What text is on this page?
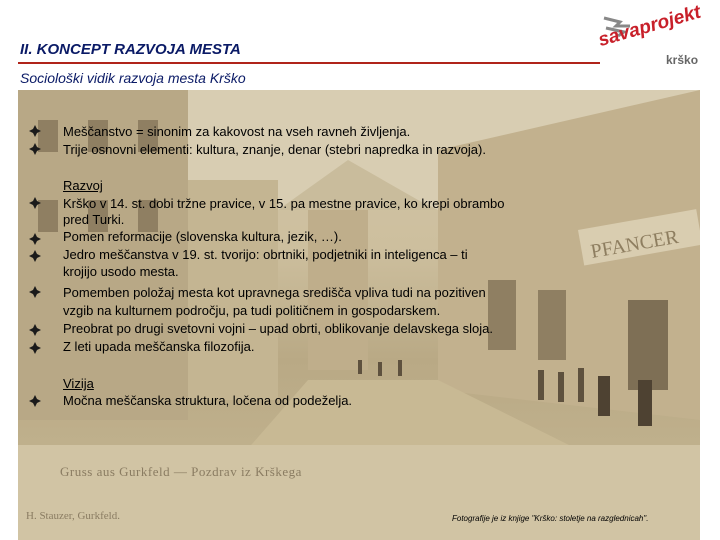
II. KONCEPT RAZVOJA MESTA
Sociološki vidik razvoja mesta Krško
savaprojekt
krško
PFANCER
Gruss aus Gurkfeld — Pozdrav iz Krškega
H. Stauzer, Gurkfeld.
Meščanstvo = sinonim za kakovost na vseh ravneh življenja.
Trije osnovni elementi: kultura, znanje, denar (stebri napredka in razvoja).
Razvoj
Krško v 14. st. dobi tržne pravice, v 15. pa mestne pravice, ko krepi obrambo
pred Turki.
Pomen reformacije (slovenska kultura, jezik, …).
Jedro meščanstva v 19. st. tvorijo: obrtniki, podjetniki in inteligenca – ti
krojijo usodo mesta.
Pomemben položaj mesta kot upravnega središča vpliva tudi na pozitiven
vzgib na kulturnem področju, pa tudi političnem in gospodarskem.
Preobrat po drugi svetovni vojni – upad obrti, oblikovanje delavskega sloja.
Z leti upada meščanska filozofija.
Vizija
Močna meščanska struktura, ločena od podeželja.
Fotografije je iz knjige "Krško: stoletje na razglednicah".
